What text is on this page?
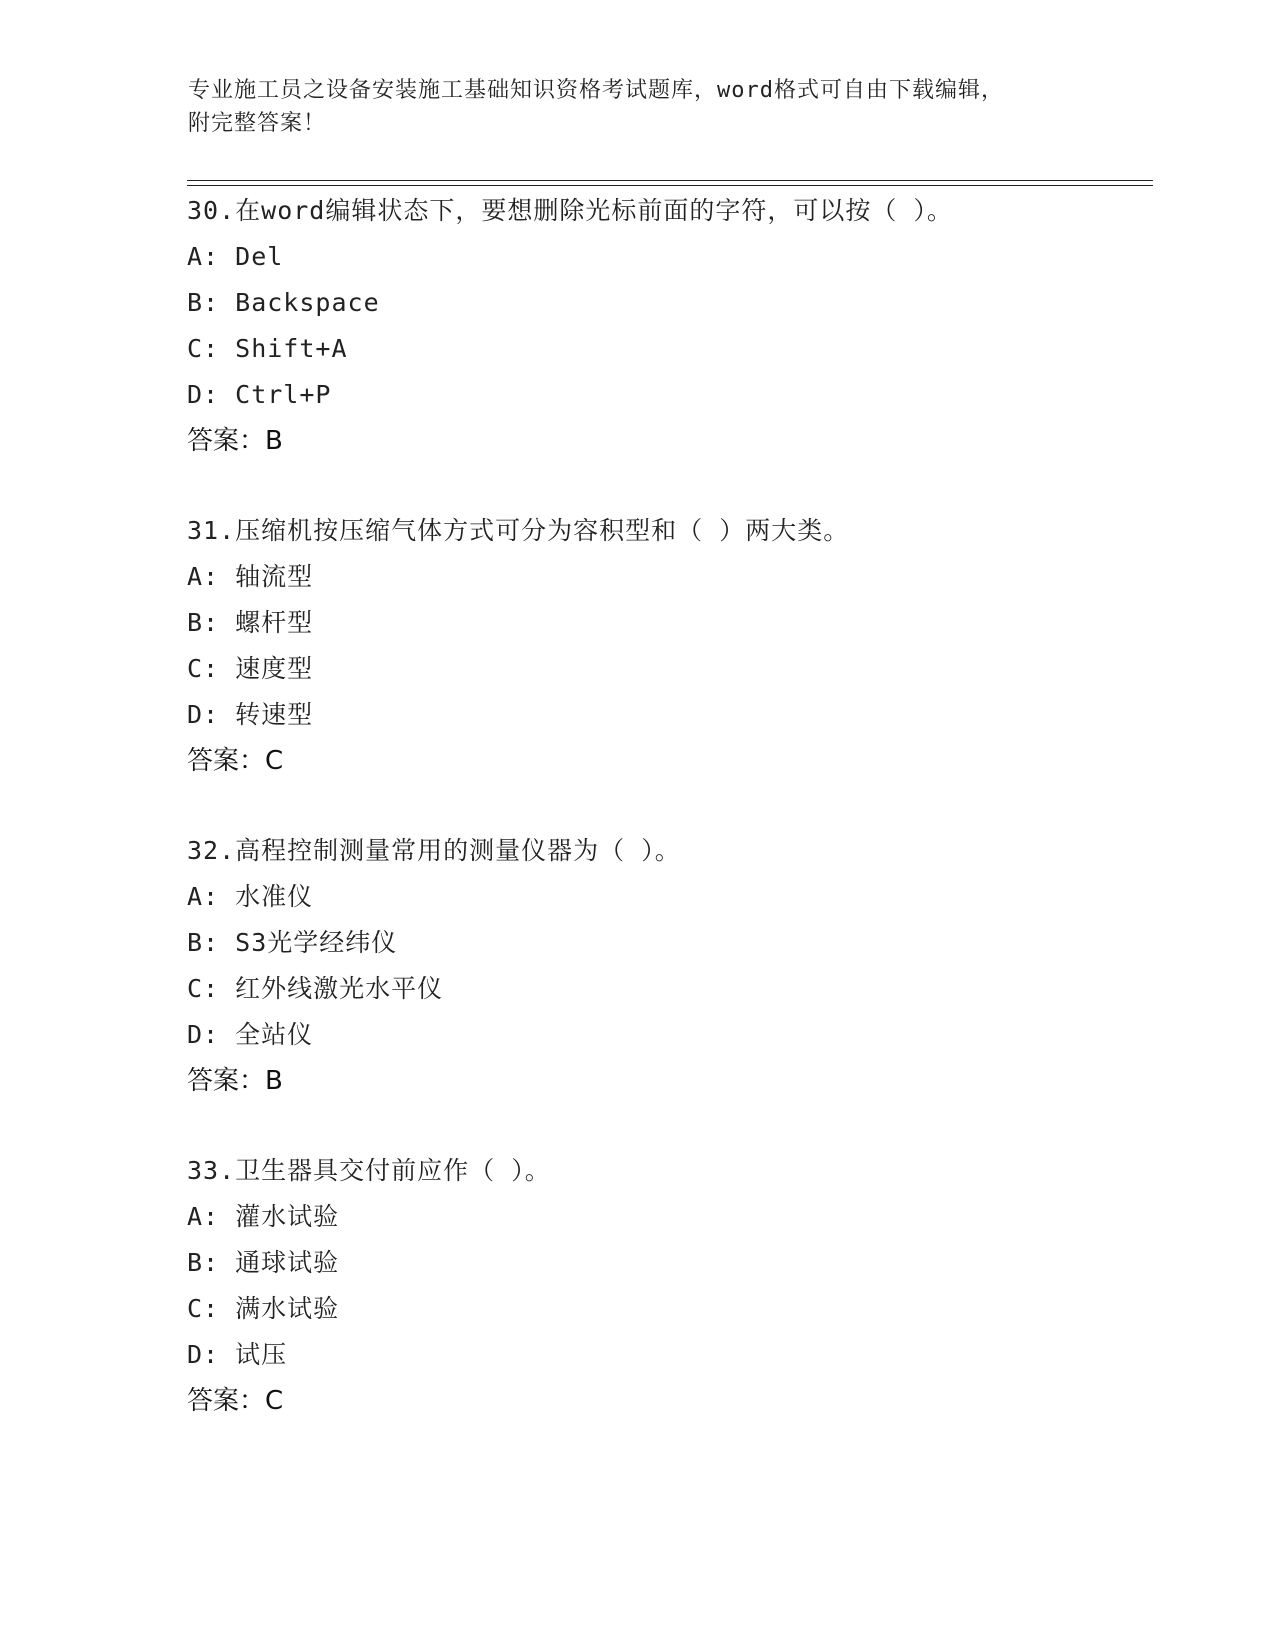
专业施工员之设备安装施工基础知识资格考试题库，word格式可自由下载编辑，
附完整答案！
30.在word编辑状态下，要想删除光标前面的字符，可以按（ ）。
A: Del
B: Backspace
C: Shift+A
D: Ctrl+P
答案：B
31.压缩机按压缩气体方式可分为容积型和（ ）两大类。
A: 轴流型
B: 螺杆型
C: 速度型
D: 转速型
答案：C
32.高程控制测量常用的测量仪器为（ ）。
A: 水准仪
B: S3光学经纬仪
C: 红外线激光水平仪
D: 全站仪
答案：B
33.卫生器具交付前应作（ ）。
A: 灌水试验
B: 通球试验
C: 满水试验
D: 试压
答案：C
